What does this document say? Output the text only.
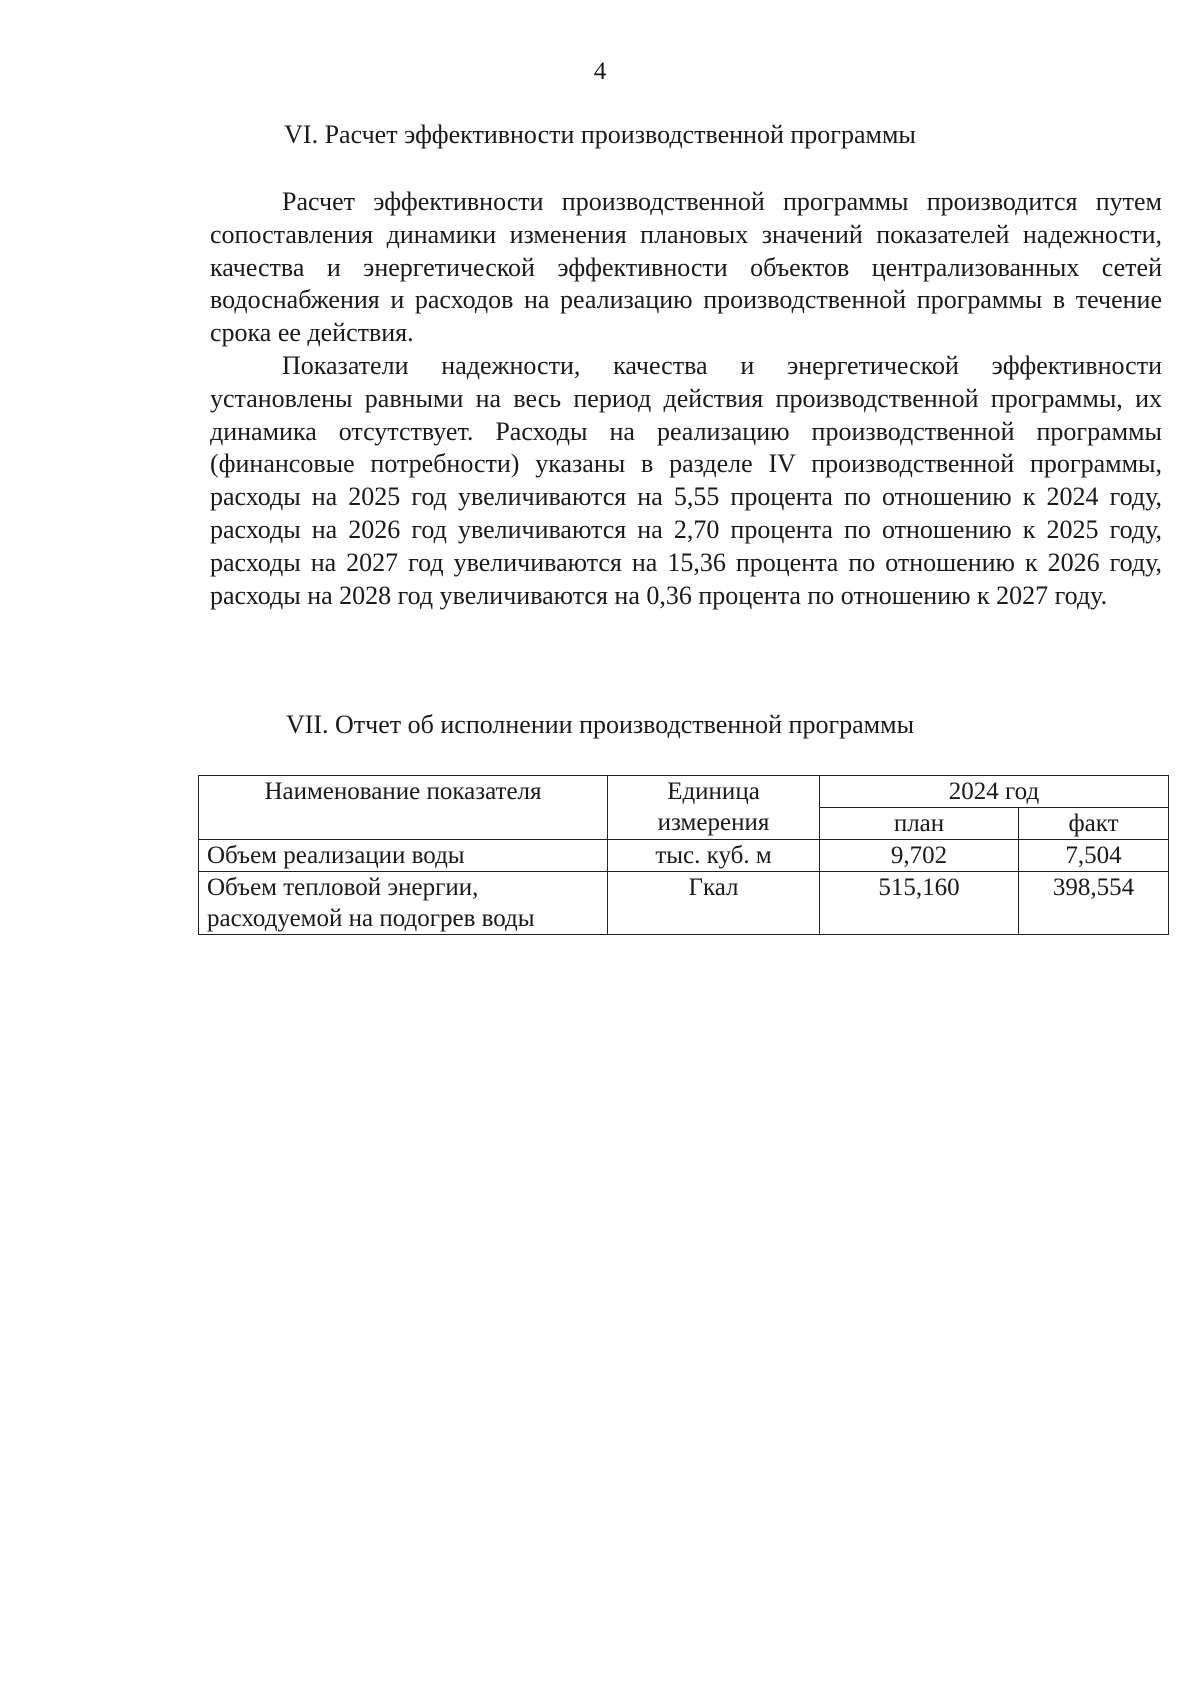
4
VI. Расчет эффективности производственной программы

Расчет эффективности производственной программы производится путем сопоставления динамики изменения плановых значений показателей надежности, качества и энергетической эффективности объектов централизованных сетей водоснабжения и расходов на реализацию производственной программы в течение срока ее действия.

Показатели надежности, качества и энергетической эффективности установлены равными на весь период действия производственной программы, их динамика отсутствует. Расходы на реализацию производственной программы (финансовые потребности) указаны в разделе IV производственной программы, расходы на 2025 год увеличиваются на 5,55 процента по отношению к 2024 году, расходы на 2026 год увеличиваются на 2,70 процента по отношению к 2025 году, расходы на 2027 год увеличиваются на 15,36 процента по отношению к 2026 году, расходы на 2028 год увеличиваются на 0,36 процента по отношению к 2027 году.

VII. Отчет об исполнении производственной программы
Наименование показателя	Единица измерения	2024 год	
		план	факт
Объем реализации воды	тыс. куб. м	9,702	7,504
Объем тепловой энергии, расходуемой на подогрев воды	Гкал	515,160	398,554
